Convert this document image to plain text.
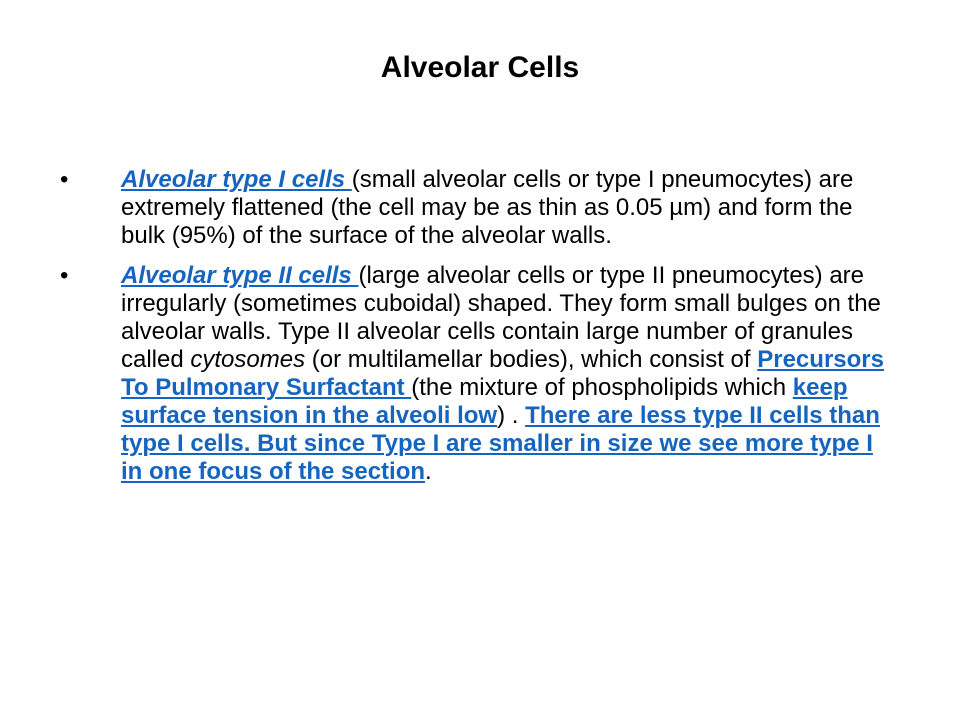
Alveolar Cells
•	Alveolar type I cells (small alveolar cells or type I pneumocytes) are extremely flattened (the cell may be as thin as 0.05 µm) and form the bulk (95%) of the surface of the alveolar walls.
•	Alveolar type II cells (large alveolar cells or type II pneumocytes) are irregularly (sometimes cuboidal) shaped. They form small bulges on the alveolar walls. Type II alveolar cells contain large number of granules called cytosomes (or multilamellar bodies), which consist of Precursors To Pulmonary Surfactant (the mixture of phospholipids which keep surface tension in the alveoli low) . There are less type II cells than type I cells. But since Type I are smaller in size we see more type I in one focus of the section.
